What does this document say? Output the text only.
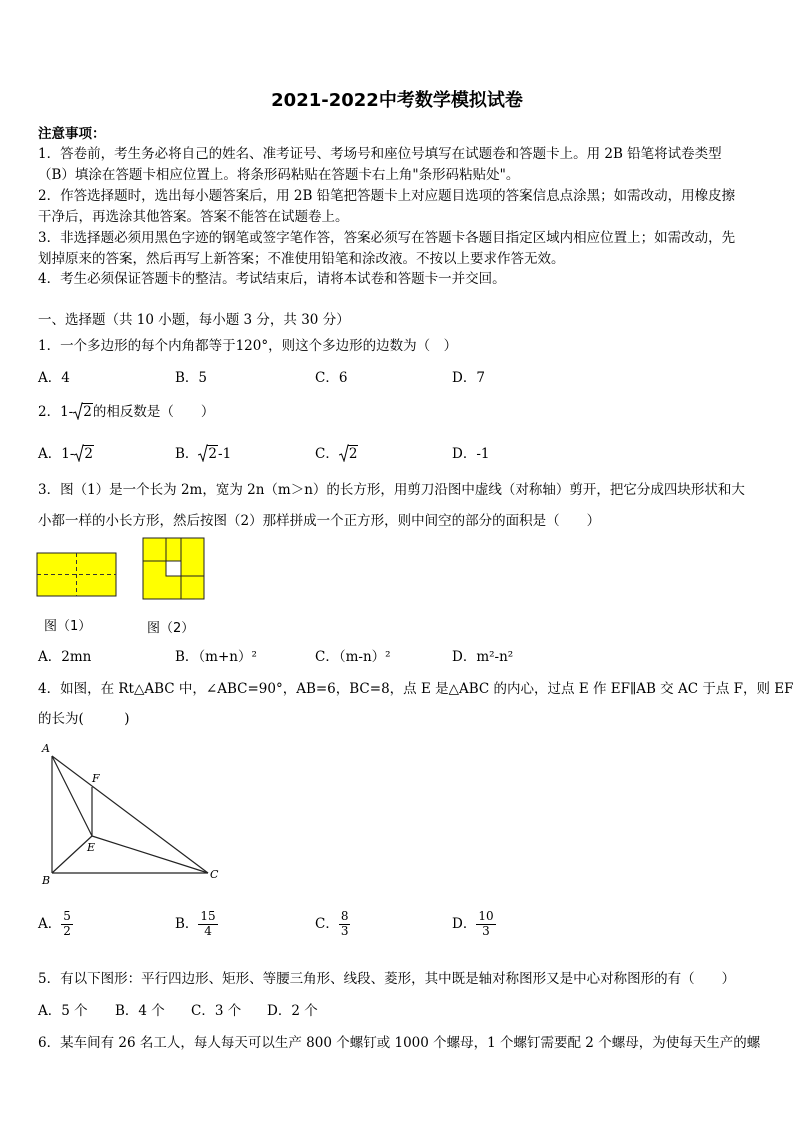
2021-2022中考数学模拟试卷
注意事项：
1．答卷前，考生务必将自己的姓名、准考证号、考场号和座位号填写在试题卷和答题卡上。用 2B 铅笔将试卷类型
（B）填涂在答题卡相应位置上。将条形码粘贴在答题卡右上角"条形码粘贴处"。
2．作答选择题时，选出每小题答案后，用 2B 铅笔把答题卡上对应题目选项的答案信息点涂黑；如需改动，用橡皮擦
干净后，再选涂其他答案。答案不能答在试题卷上。
3．非选择题必须用黑色字迹的钢笔或签字笔作答，答案必须写在答题卡各题目指定区域内相应位置上；如需改动，先
划掉原来的答案，然后再写上新答案；不准使用铅笔和涂改液。不按以上要求作答无效。
4．考生必须保证答题卡的整洁。考试结束后，请将本试卷和答题卡一并交回。
一、选择题（共 10 小题，每小题 3 分，共 30 分）
1．一个多边形的每个内角都等于120°，则这个多边形的边数为（　）
A．4	B．5	C．6	D．7
2．1- 2的相反数是（　　）
A．1- 2	B． 2-1	C． 2	D．-1
3．图（1）是一个长为 2m，宽为 2n（m＞n）的长方形，用剪刀沿图中虚线（对称轴）剪开，把它分成四块形状和大
小都一样的小长方形，然后按图（2）那样拼成一个正方形，则中间空的部分的面积是（　　）
图（1）	图（2）
A．2mn	B．（m+n）²	C．（m-n）²	D．m²-n²
4．如图，在 Rt△ABC 中，∠ABC=90°，AB=6，BC=8，点 E 是△ABC 的内心，过点 E 作 EF∥AB 交 AC 于点 F，则 EF
的长为(　　　)
A
B	C
E
F
A． $\frac{5}{2}$	B． $\frac{15}{4}$	C． $\frac{8}{3}$	D． $\frac{10}{3}$
5．有以下图形：平行四边形、矩形、等腰三角形、线段、菱形，其中既是轴对称图形又是中心对称图形的有（　　）
A．5 个 B．4 个 C．3 个 D．2 个
6．某车间有 26 名工人，每人每天可以生产 800 个螺钉或 1000 个螺母，1 个螺钉需要配 2 个螺母，为使每天生产的螺
